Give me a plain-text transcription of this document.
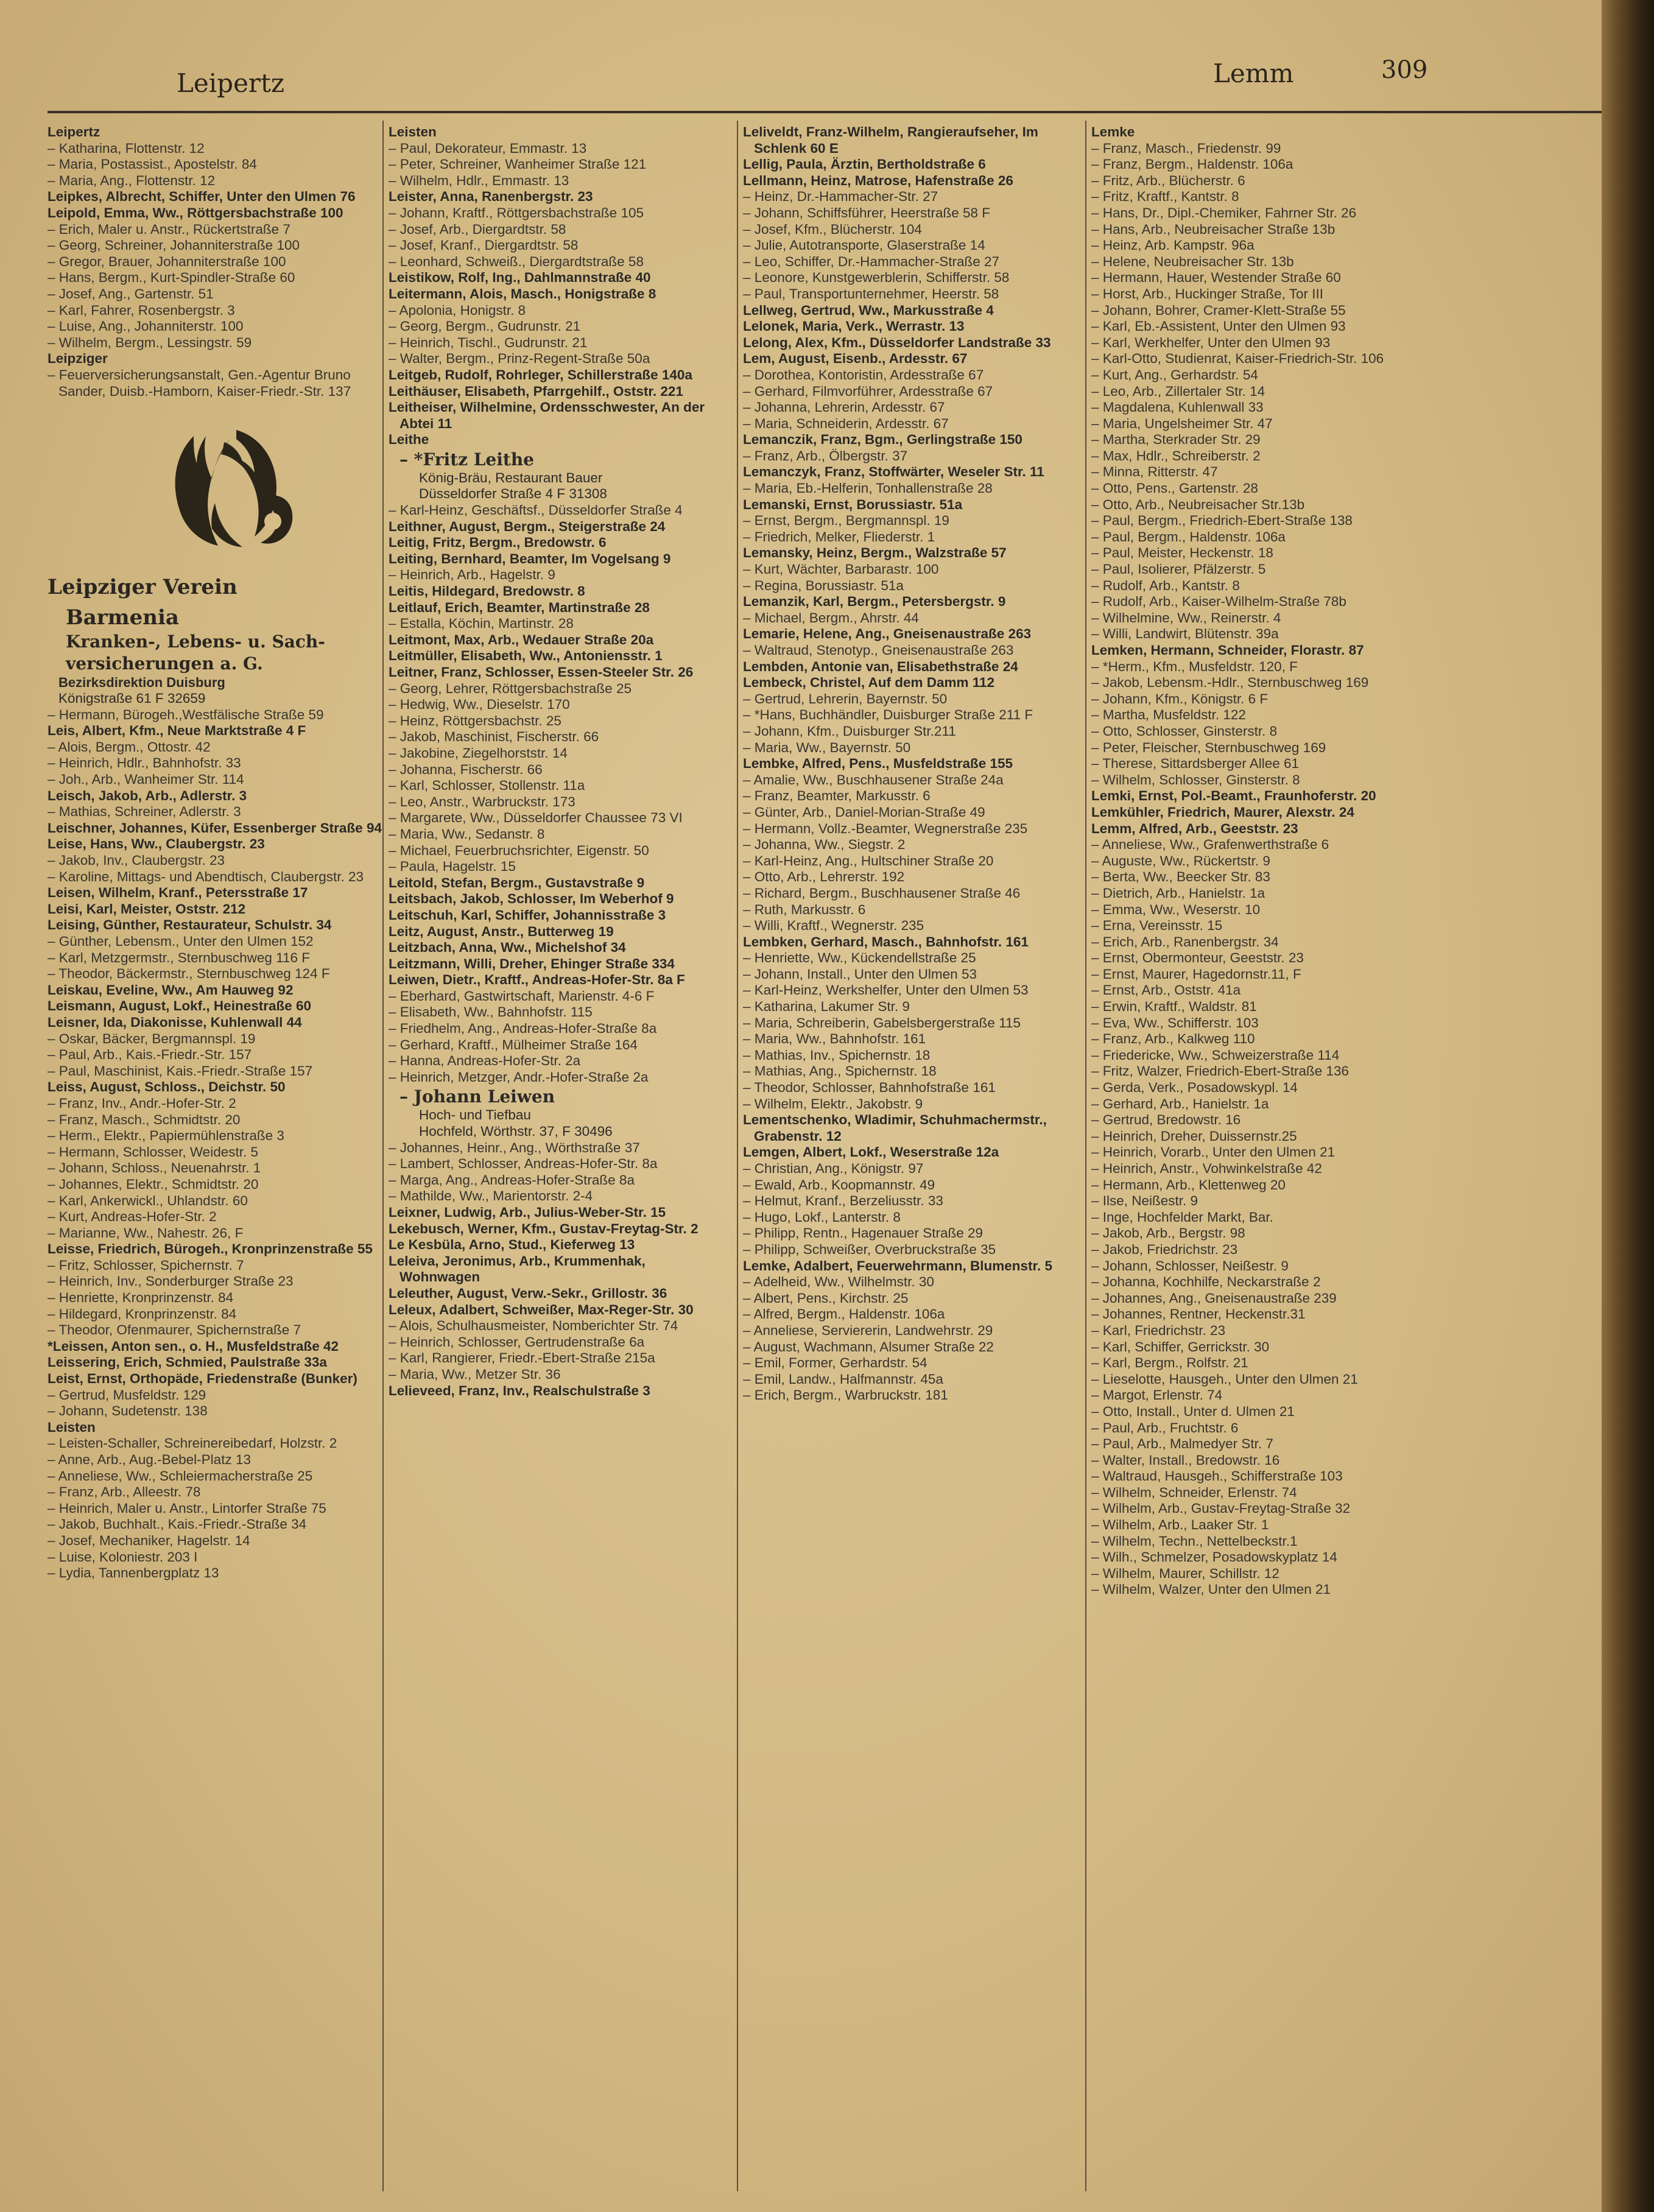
Leipertz	Lemm	309

Leipertz

– Katharina, Flottenstr. 12

– Maria, Postassist., Apostelstr. 84

– Maria, Ang., Flottenstr. 12

Leipkes, Albrecht, Schiffer, Unter den Ulmen 76

Leipold, Emma, Ww., Röttgersbachstraße 100

– Erich, Maler u. Anstr., Rückertstraße 7

– Georg, Schreiner, Johanniterstraße 100

– Gregor, Brauer, Johanniterstraße 100

– Hans, Bergm., Kurt-Spindler-Straße 60

– Josef, Ang., Gartenstr. 51

– Karl, Fahrer, Rosenbergstr. 3

– Luise, Ang., Johanniterstr. 100

– Wilhelm, Bergm., Lessingstr. 59

Leipziger

– Feuerversicherungsanstalt, Gen.-Agentur Bruno Sander, Duisb.-Hamborn, Kaiser-Friedr.-Str. 137

Leipziger Verein

Barmenia

Kranken-, Lebens- u. Sach-

versicherungen a. G.

Bezirksdirektion Duisburg

Königstraße 61 F 32659

– Hermann, Bürogeh.,Westfälische Straße 59

Leis, Albert, Kfm., Neue Marktstraße 4 F

– Alois, Bergm., Ottostr. 42

– Heinrich, Hdlr., Bahnhofstr. 33

– Joh., Arb., Wanheimer Str. 114

Leisch, Jakob, Arb., Adlerstr. 3

– Mathias, Schreiner, Adlerstr. 3

Leischner, Johannes, Küfer, Essenberger Straße 94

Leise, Hans, Ww., Claubergstr. 23

– Jakob, Inv., Claubergstr. 23

– Karoline, Mittags- und Abendtisch, Claubergstr. 23

Leisen, Wilhelm, Kranf., Petersstraße 17

Leisi, Karl, Meister, Oststr. 212

Leising, Günther, Restaurateur, Schulstr. 34

– Günther, Lebensm., Unter den Ulmen 152

– Karl, Metzgermstr., Sternbuschweg 116 F

– Theodor, Bäckermstr., Sternbuschweg 124 F

Leiskau, Eveline, Ww., Am Hauweg 92

Leismann, August, Lokf., Heinestraße 60

Leisner, Ida, Diakonisse, Kuhlenwall 44

– Oskar, Bäcker, Bergmannspl. 19

– Paul, Arb., Kais.-Friedr.-Str. 157

– Paul, Maschinist, Kais.-Friedr.-Straße 157

Leiss, August, Schloss., Deichstr. 50

– Franz, Inv., Andr.-Hofer-Str. 2

– Franz, Masch., Schmidtstr. 20

– Herm., Elektr., Papiermühlenstraße 3

– Hermann, Schlosser, Weidestr. 5

– Johann, Schloss., Neuenahrstr. 1

– Johannes, Elektr., Schmidtstr. 20

– Karl, Ankerwickl., Uhlandstr. 60

– Kurt, Andreas-Hofer-Str. 2

– Marianne, Ww., Nahestr. 26, F

Leisse, Friedrich, Bürogeh., Kronprinzenstraße 55

– Fritz, Schlosser, Spichernstr. 7

– Heinrich, Inv., Sonderburger Straße 23

– Henriette, Kronprinzenstr. 84

– Hildegard, Kronprinzenstr. 84

– Theodor, Ofenmaurer, Spichernstraße 7

*Leissen, Anton sen., o. H., Musfeldstraße 42

Leissering, Erich, Schmied, Paulstraße 33a

Leist, Ernst, Orthopäde, Friedenstraße (Bunker)

– Gertrud, Musfeldstr. 129

– Johann, Sudetenstr. 138

Leisten

– Leisten-Schaller, Schreinereibedarf, Holzstr. 2

– Anne, Arb., Aug.-Bebel-Platz 13

– Anneliese, Ww., Schleiermacherstraße 25

– Franz, Arb., Alleestr. 78

– Heinrich, Maler u. Anstr., Lintorfer Straße 75

– Jakob, Buchhalt., Kais.-Friedr.-Straße 34

– Josef, Mechaniker, Hagelstr. 14

– Luise, Koloniestr. 203 I

– Lydia, Tannenbergplatz 13

Leisten

– Paul, Dekorateur, Emmastr. 13

– Peter, Schreiner, Wanheimer Straße 121

– Wilhelm, Hdlr., Emmastr. 13

Leister, Anna, Ranenbergstr. 23

– Johann, Kraftf., Röttgersbachstraße 105

– Josef, Arb., Diergardtstr. 58

– Josef, Kranf., Diergardtstr. 58

– Leonhard, Schweiß., Diergardtstraße 58

Leistikow, Rolf, Ing., Dahlmannstraße 40

Leitermann, Alois, Masch., Honigstraße 8

– Apolonia, Honigstr. 8

– Georg, Bergm., Gudrunstr. 21

– Heinrich, Tischl., Gudrunstr. 21

– Walter, Bergm., Prinz-Regent-Straße 50a

Leitgeb, Rudolf, Rohrleger, Schillerstraße 140a

Leithäuser, Elisabeth, Pfarrgehilf., Oststr. 221

Leitheiser, Wilhelmine, Ordensschwester, An der Abtei 11

Leithe

– *Fritz Leithe

König-Bräu, Restaurant Bauer

Düsseldorfer Straße 4 F 31308

– Karl-Heinz, Geschäftsf., Düsseldorfer Straße 4

Leithner, August, Bergm., Steigerstraße 24

Leitig, Fritz, Bergm., Bredowstr. 6

Leiting, Bernhard, Beamter, Im Vogelsang 9

– Heinrich, Arb., Hagelstr. 9

Leitis, Hildegard, Bredowstr. 8

Leitlauf, Erich, Beamter, Martinstraße 28

– Estalla, Köchin, Martinstr. 28

Leitmont, Max, Arb., Wedauer Straße 20a

Leitmüller, Elisabeth, Ww., Antoniensstr. 1

Leitner, Franz, Schlosser, Essen-Steeler Str. 26

– Georg, Lehrer, Röttgersbachstraße 25

– Hedwig, Ww., Dieselstr. 170

– Heinz, Röttgersbachstr. 25

– Jakob, Maschinist, Fischerstr. 66

– Jakobine, Ziegelhorststr. 14

– Johanna, Fischerstr. 66

– Karl, Schlosser, Stollenstr. 11a

– Leo, Anstr., Warbruckstr. 173

– Margarete, Ww., Düsseldorfer Chaussee 73 VI

– Maria, Ww., Sedanstr. 8

– Michael, Feuerbruchsrichter, Eigenstr. 50

– Paula, Hagelstr. 15

Leitold, Stefan, Bergm., Gustavstraße 9

Leitsbach, Jakob, Schlosser, Im Weberhof 9

Leitschuh, Karl, Schiffer, Johannisstraße 3

Leitz, August, Anstr., Butterweg 19

Leitzbach, Anna, Ww., Michelshof 34

Leitzmann, Willi, Dreher, Ehinger Straße 334

Leiwen, Dietr., Kraftf., Andreas-Hofer-Str. 8a F

– Eberhard, Gastwirtschaft, Marienstr. 4-6 F

– Elisabeth, Ww., Bahnhofstr. 115

– Friedhelm, Ang., Andreas-Hofer-Straße 8a

– Gerhard, Kraftf., Mülheimer Straße 164

– Hanna, Andreas-Hofer-Str. 2a

– Heinrich, Metzger, Andr.-Hofer-Straße 2a

– Johann Leiwen

Hoch- und Tiefbau

Hochfeld, Wörthstr. 37, F 30496

– Johannes, Heinr., Ang., Wörthstraße 37

– Lambert, Schlosser, Andreas-Hofer-Str. 8a

– Marga, Ang., Andreas-Hofer-Straße 8a

– Mathilde, Ww., Marientorstr. 2-4

Leixner, Ludwig, Arb., Julius-Weber-Str. 15

Lekebusch, Werner, Kfm., Gustav-Freytag-Str. 2

Le Kesbüla, Arno, Stud., Kieferweg 13

Leleiva, Jeronimus, Arb., Krummenhak, Wohnwagen

Leleuther, August, Verw.-Sekr., Grillostr. 36

Leleux, Adalbert, Schweißer, Max-Reger-Str. 30

– Alois, Schulhausmeister, Nomberichter Str. 74

– Heinrich, Schlosser, Gertrudenstraße 6a

– Karl, Rangierer, Friedr.-Ebert-Straße 215a

– Maria, Ww., Metzer Str. 36

Lelieveed, Franz, Inv., Realschulstraße 3

Leliveldt, Franz-Wilhelm, Rangieraufseher, Im Schlenk 60 E

Lellig, Paula, Ärztin, Bertholdstraße 6

Lellmann, Heinz, Matrose, Hafenstraße 26

– Heinz, Dr.-Hammacher-Str. 27

– Johann, Schiffsführer, Heerstraße 58 F

– Josef, Kfm., Blücherstr. 104

– Julie, Autotransporte, Glaserstraße 14

– Leo, Schiffer, Dr.-Hammacher-Straße 27

– Leonore, Kunstgewerblerin, Schifferstr. 58

– Paul, Transportunternehmer, Heerstr. 58

Lellweg, Gertrud, Ww., Markusstraße 4

Lelonek, Maria, Verk., Werrastr. 13

Lelong, Alex, Kfm., Düsseldorfer Landstraße 33

Lem, August, Eisenb., Ardesstr. 67

– Dorothea, Kontoristin, Ardesstraße 67

– Gerhard, Filmvorführer, Ardesstraße 67

– Johanna, Lehrerin, Ardesstr. 67

– Maria, Schneiderin, Ardesstr. 67

Lemanczik, Franz, Bgm., Gerlingstraße 150

– Franz, Arb., Ölbergstr. 37

Lemanczyk, Franz, Stoffwärter, Weseler Str. 11

– Maria, Eb.-Helferin, Tonhallenstraße 28

Lemanski, Ernst, Borussiastr. 51a

– Ernst, Bergm., Bergmannspl. 19

– Friedrich, Melker, Fliederstr. 1

Lemansky, Heinz, Bergm., Walzstraße 57

– Kurt, Wächter, Barbarastr. 100

– Regina, Borussiastr. 51a

Lemanzik, Karl, Bergm., Petersbergstr. 9

– Michael, Bergm., Ahrstr. 44

Lemarie, Helene, Ang., Gneisenaustraße 263

– Waltraud, Stenotyp., Gneisenaustraße 263

Lembden, Antonie van, Elisabethstraße 24

Lembeck, Christel, Auf dem Damm 112

– Gertrud, Lehrerin, Bayernstr. 50

– *Hans, Buchhändler, Duisburger Straße 211 F

– Johann, Kfm., Duisburger Str.211

– Maria, Ww., Bayernstr. 50

Lembke, Alfred, Pens., Musfeldstraße 155

– Amalie, Ww., Buschhausener Straße 24a

– Franz, Beamter, Markusstr. 6

– Günter, Arb., Daniel-Morian-Straße 49

– Hermann, Vollz.-Beamter, Wegnerstraße 235

– Johanna, Ww., Siegstr. 2

– Karl-Heinz, Ang., Hultschiner Straße 20

– Otto, Arb., Lehrerstr. 192

– Richard, Bergm., Buschhausener Straße 46

– Ruth, Markusstr. 6

– Willi, Kraftf., Wegnerstr. 235

Lembken, Gerhard, Masch., Bahnhofstr. 161

– Henriette, Ww., Kückendellstraße 25

– Johann, Install., Unter den Ulmen 53

– Karl-Heinz, Werkshelfer, Unter den Ulmen 53

– Katharina, Lakumer Str. 9

– Maria, Schreiberin, Gabelsbergerstraße 115

– Maria, Ww., Bahnhofstr. 161

– Mathias, Inv., Spichernstr. 18

– Mathias, Ang., Spichernstr. 18

– Theodor, Schlosser, Bahnhofstraße 161

– Wilhelm, Elektr., Jakobstr. 9

Lementschenko, Wladimir, Schuhmachermstr., Grabenstr. 12

Lemgen, Albert, Lokf., Weserstraße 12a

– Christian, Ang., Königstr. 97

– Ewald, Arb., Koopmannstr. 49

– Helmut, Kranf., Berzeliusstr. 33

– Hugo, Lokf., Lanterstr. 8

– Philipp, Rentn., Hagenauer Straße 29

– Philipp, Schweißer, Overbruckstraße 35

Lemke, Adalbert, Feuerwehrmann, Blumenstr. 5

– Adelheid, Ww., Wilhelmstr. 30

– Albert, Pens., Kirchstr. 25

– Alfred, Bergm., Haldenstr. 106a

– Anneliese, Serviererin, Landwehrstr. 29

– August, Wachmann, Alsumer Straße 22

– Emil, Former, Gerhardstr. 54

– Emil, Landw., Halfmannstr. 45a

– Erich, Bergm., Warbruckstr. 181

Lemke

– Franz, Masch., Friedenstr. 99

– Franz, Bergm., Haldenstr. 106a

– Fritz, Arb., Blücherstr. 6

– Fritz, Kraftf., Kantstr. 8

– Hans, Dr., Dipl.-Chemiker, Fahrner Str. 26

– Hans, Arb., Neubreisacher Straße 13b

– Heinz, Arb. Kampstr. 96a

– Helene, Neubreisacher Str. 13b

– Hermann, Hauer, Westender Straße 60

– Horst, Arb., Huckinger Straße, Tor III

– Johann, Bohrer, Cramer-Klett-Straße 55

– Karl, Eb.-Assistent, Unter den Ulmen 93

– Karl, Werkhelfer, Unter den Ulmen 93

– Karl-Otto, Studienrat, Kaiser-Friedrich-Str. 106

– Kurt, Ang., Gerhardstr. 54

– Leo, Arb., Zillertaler Str. 14

– Magdalena, Kuhlenwall 33

– Maria, Ungelsheimer Str. 47

– Martha, Sterkrader Str. 29

– Max, Hdlr., Schreiberstr. 2

– Minna, Ritterstr. 47

– Otto, Pens., Gartenstr. 28

– Otto, Arb., Neubreisacher Str.13b

– Paul, Bergm., Friedrich-Ebert-Straße 138

– Paul, Bergm., Haldenstr. 106a

– Paul, Meister, Heckenstr. 18

– Paul, Isolierer, Pfälzerstr. 5

– Rudolf, Arb., Kantstr. 8

– Rudolf, Arb., Kaiser-Wilhelm-Straße 78b

– Wilhelmine, Ww., Reinerstr. 4

– Willi, Landwirt, Blütenstr. 39a

Lemken, Hermann, Schneider, Florastr. 87

– *Herm., Kfm., Musfeldstr. 120, F

– Jakob, Lebensm.-Hdlr., Sternbuschweg 169

– Johann, Kfm., Königstr. 6 F

– Martha, Musfeldstr. 122

– Otto, Schlosser, Ginsterstr. 8

– Peter, Fleischer, Sternbuschweg 169

– Therese, Sittardsberger Allee 61

– Wilhelm, Schlosser, Ginsterstr. 8

Lemki, Ernst, Pol.-Beamt., Fraunhoferstr. 20

Lemkühler, Friedrich, Maurer, Alexstr. 24

Lemm, Alfred, Arb., Geeststr. 23

– Anneliese, Ww., Grafenwerthstraße 6

– Auguste, Ww., Rückertstr. 9

– Berta, Ww., Beecker Str. 83

– Dietrich, Arb., Hanielstr. 1a

– Emma, Ww., Weserstr. 10

– Erna, Vereinsstr. 15

– Erich, Arb., Ranenbergstr. 34

– Ernst, Obermonteur, Geeststr. 23

– Ernst, Maurer, Hagedornstr.11, F

– Ernst, Arb., Oststr. 41a

– Erwin, Kraftf., Waldstr. 81

– Eva, Ww., Schifferstr. 103

– Franz, Arb., Kalkweg 110

– Friedericke, Ww., Schweizerstraße 114

– Fritz, Walzer, Friedrich-Ebert-Straße 136

– Gerda, Verk., Posadowskypl. 14

– Gerhard, Arb., Hanielstr. 1a

– Gertrud, Bredowstr. 16

– Heinrich, Dreher, Duissernstr.25

– Heinrich, Vorarb., Unter den Ulmen 21

– Heinrich, Anstr., Vohwinkelstraße 42

– Hermann, Arb., Klettenweg 20

– Ilse, Neißestr. 9

– Inge, Hochfelder Markt, Bar.

– Jakob, Arb., Bergstr. 98

– Jakob, Friedrichstr. 23

– Johann, Schlosser, Neißestr. 9

– Johanna, Kochhilfe, Neckarstraße 2

– Johannes, Ang., Gneisenaustraße 239

– Johannes, Rentner, Heckenstr.31

– Karl, Friedrichstr. 23

– Karl, Schiffer, Gerrickstr. 30

– Karl, Bergm., Rolfstr. 21

– Lieselotte, Hausgeh., Unter den Ulmen 21

– Margot, Erlenstr. 74

– Otto, Install., Unter d. Ulmen 21

– Paul, Arb., Fruchtstr. 6

– Paul, Arb., Malmedyer Str. 7

– Walter, Install., Bredowstr. 16

– Waltraud, Hausgeh., Schifferstraße 103

– Wilhelm, Schneider, Erlenstr. 74

– Wilhelm, Arb., Gustav-Freytag-Straße 32

– Wilhelm, Arb., Laaker Str. 1

– Wilhelm, Techn., Nettelbeckstr.1

– Wilh., Schmelzer, Posadowskyplatz 14

– Wilhelm, Maurer, Schillstr. 12

– Wilhelm, Walzer, Unter den Ulmen 21
